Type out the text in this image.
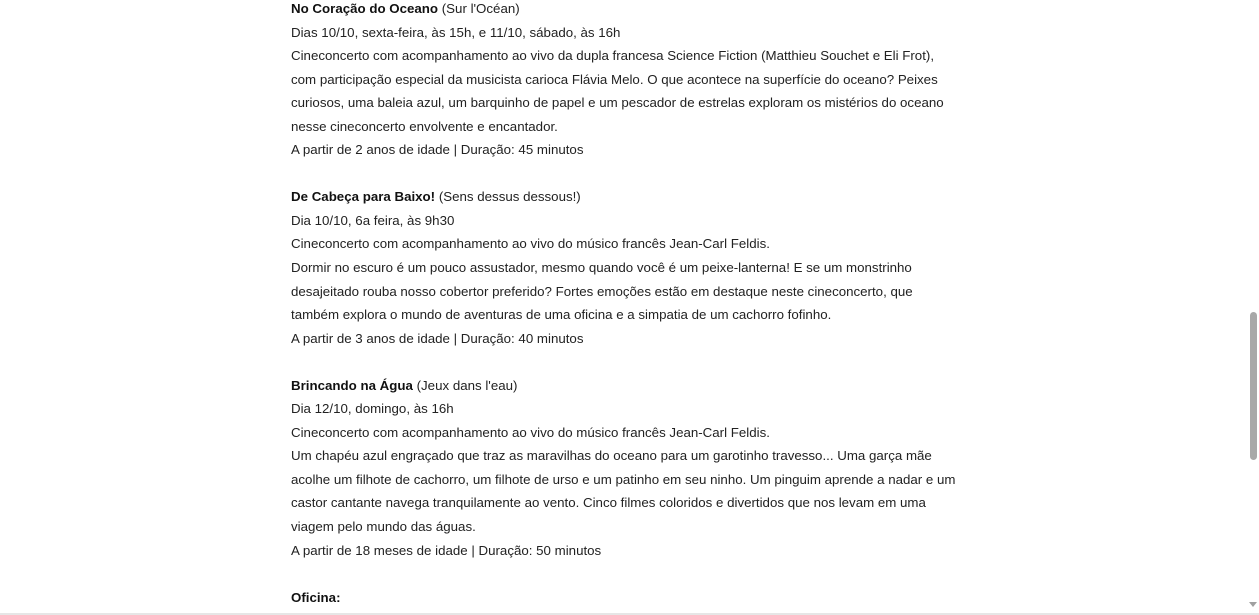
No Coração do Oceano (Sur l'Océan)
Dias 10/10, sexta-feira, às 15h, e 11/10, sábado, às 16h
Cineconcerto com acompanhamento ao vivo da dupla francesa Science Fiction (Matthieu Souchet e Eli Frot),
com participação especial da musicista carioca Flávia Melo. O que acontece na superfície do oceano? Peixes
curiosos, uma baleia azul, um barquinho de papel e um pescador de estrelas exploram os mistérios do oceano
nesse cineconcerto envolvente e encantador.
A partir de 2 anos de idade | Duração: 45 minutos
De Cabeça para Baixo! (Sens dessus dessous!)
Dia 10/10, 6a feira, às 9h30
Cineconcerto com acompanhamento ao vivo do músico francês Jean-Carl Feldis.
Dormir no escuro é um pouco assustador, mesmo quando você é um peixe-lanterna! E se um monstrinho
desajeitado rouba nosso cobertor preferido? Fortes emoções estão em destaque neste cineconcerto, que
também explora o mundo de aventuras de uma oficina e a simpatia de um cachorro fofinho.
A partir de 3 anos de idade | Duração: 40 minutos
Brincando na Água (Jeux dans l'eau)
Dia 12/10, domingo, às 16h
Cineconcerto com acompanhamento ao vivo do músico francês Jean-Carl Feldis.
Um chapéu azul engraçado que traz as maravilhas do oceano para um garotinho travesso... Uma garça mãe
acolhe um filhote de cachorro, um filhote de urso e um patinho em seu ninho. Um pinguim aprende a nadar e um
castor cantante navega tranquilamente ao vento. Cinco filmes coloridos e divertidos que nos levam em uma
viagem pelo mundo das águas.
A partir de 18 meses de idade | Duração: 50 minutos
Oficina:
